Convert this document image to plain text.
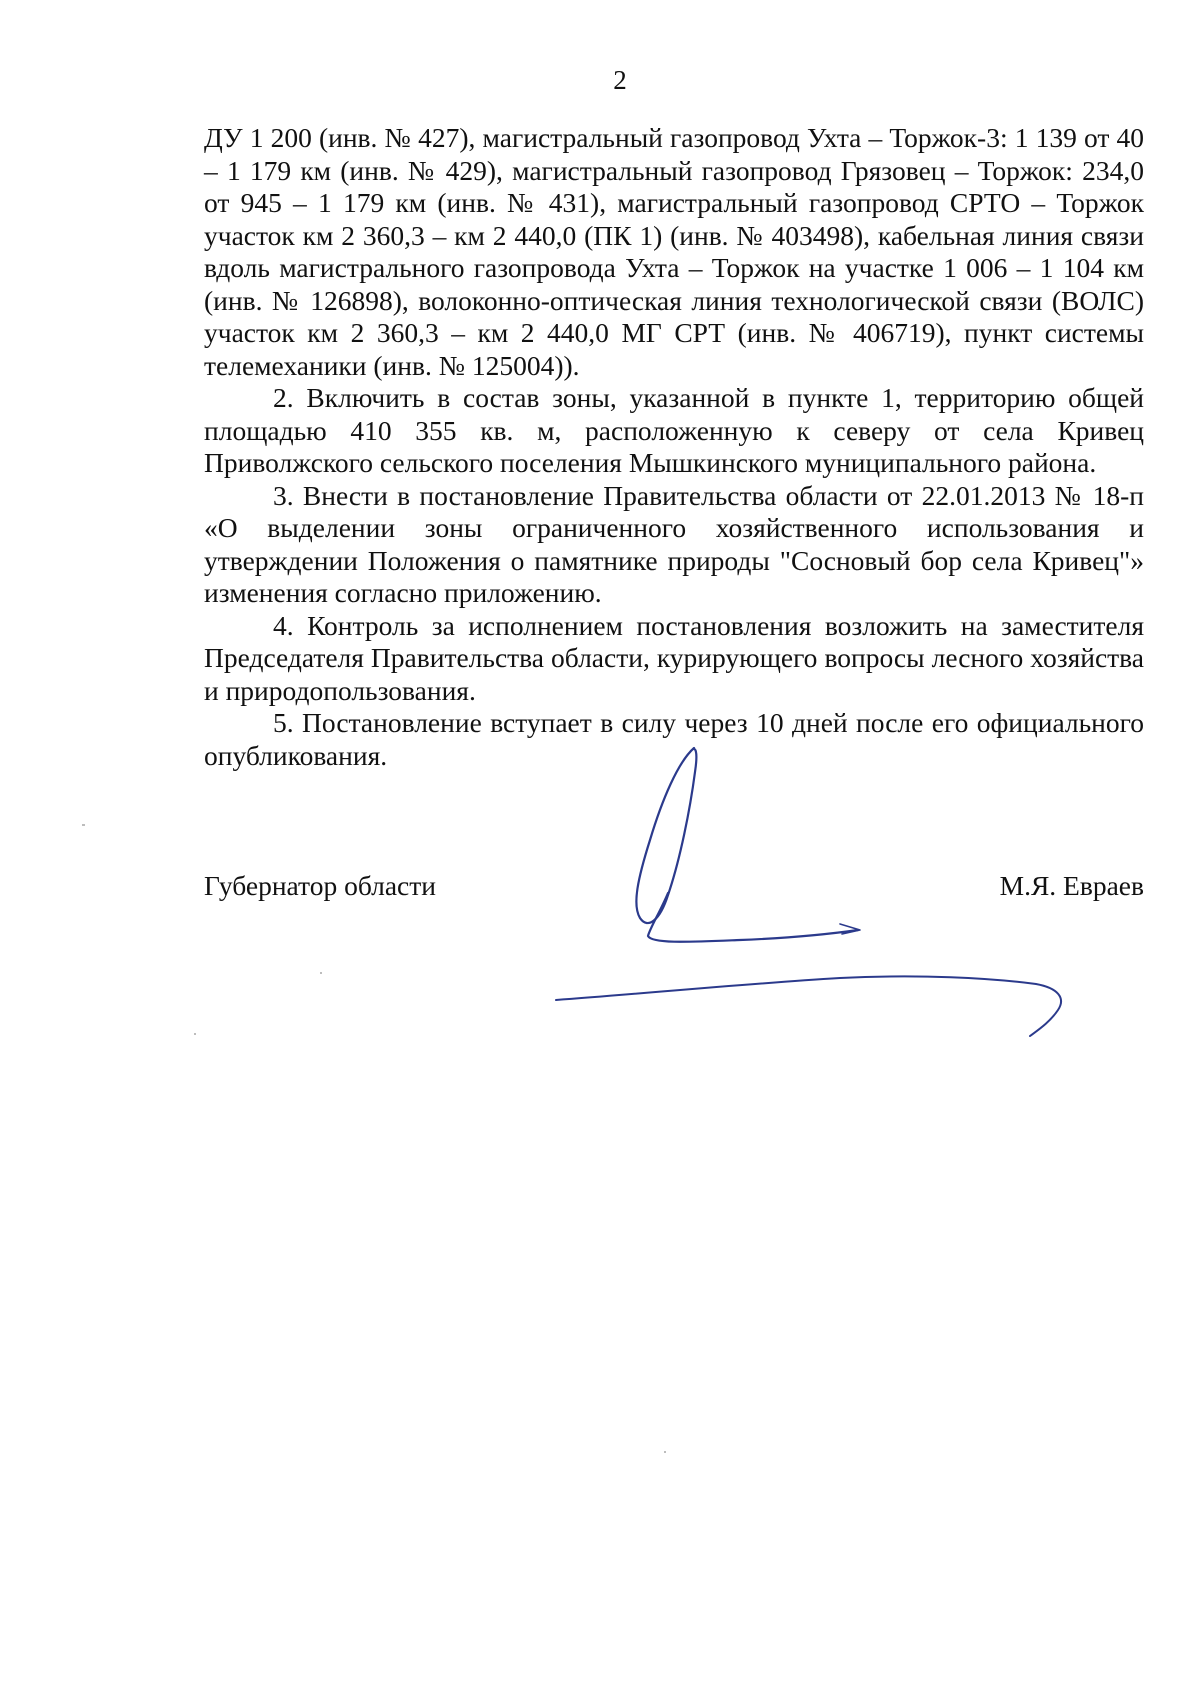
2

ДУ 1 200 (инв. № 427), магистральный газопровод Ухта – Торжок-3: 1 139 от 40 – 1 179 км (инв. № 429), магистральный газопровод Грязовец – Торжок: 234,0 от 945 – 1 179 км (инв. № 431), магистральный газопровод СРТО – Торжок участок км 2 360,3 – км 2 440,0 (ПК 1) (инв. № 403498), кабельная линия связи вдоль магистрального газопровода Ухта – Торжок на участке 1 006 – 1 104 км (инв. № 126898), волоконно-оптическая линия технологической связи (ВОЛС) участок км 2 360,3 – км 2 440,0 МГ СРТ (инв. № 406719), пункт системы телемеханики (инв. № 125004)).

2. Включить в состав зоны, указанной в пункте 1, территорию общей площадью 410 355 кв. м, расположенную к северу от села Кривец Приволжского сельского поселения Мышкинского муниципального района.

3. Внести в постановление Правительства области от 22.01.2013 № 18-п «О выделении зоны ограниченного хозяйственного использования и утверждении Положения о памятнике природы "Сосновый бор села Кривец"» изменения согласно приложению.

4. Контроль за исполнением постановления возложить на заместителя Председателя Правительства области, курирующего вопросы лесного хозяйства и природопользования.

5. Постановление вступает в силу через 10 дней после его официального опубликования.

Губернатор области	М.Я. Евраев
